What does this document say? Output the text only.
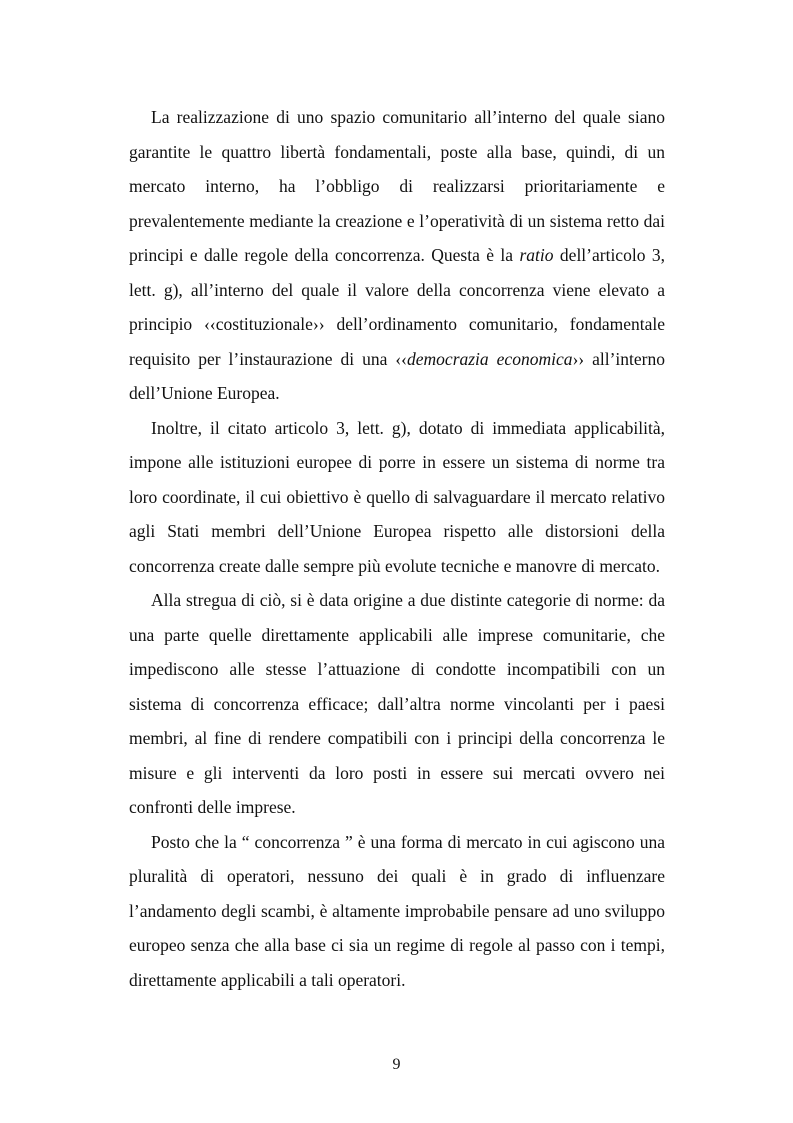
La realizzazione di uno spazio comunitario all’interno del quale siano garantite le quattro libertà fondamentali, poste alla base, quindi, di un mercato interno, ha l’obbligo di realizzarsi prioritariamente e prevalentemente mediante la creazione e l’operatività di un sistema retto dai principi e dalle regole della concorrenza. Questa è la ratio dell’articolo 3, lett. g), all’interno del quale il valore della concorrenza viene elevato a principio ‹‹costituzionale›› dell’ordinamento comunitario, fondamentale requisito per l’instaurazione di una ‹‹democrazia economica›› all’interno dell’Unione Europea.

Inoltre, il citato articolo 3, lett. g), dotato di immediata applicabilità, impone alle istituzioni europee di porre in essere un sistema di norme tra loro coordinate, il cui obiettivo è quello di salvaguardare il mercato relativo agli Stati membri dell’Unione Europea rispetto alle distorsioni della concorrenza create dalle sempre più evolute tecniche e manovre di mercato.

Alla stregua di ciò, si è data origine a due distinte categorie di norme: da una parte quelle direttamente applicabili alle imprese comunitarie, che impediscono alle stesse l’attuazione di condotte incompatibili con un sistema di concorrenza efficace; dall’altra norme vincolanti per i paesi membri, al fine di rendere compatibili con i principi della concorrenza le misure e gli interventi da loro posti in essere sui mercati ovvero nei confronti delle imprese.

Posto che la “ concorrenza ” è una forma di mercato in cui agiscono una pluralità di operatori, nessuno dei quali è in grado di influenzare l’andamento degli scambi, è altamente improbabile pensare ad uno sviluppo europeo senza che alla base ci sia un regime di regole al passo con i tempi, direttamente applicabili a tali operatori.

9
